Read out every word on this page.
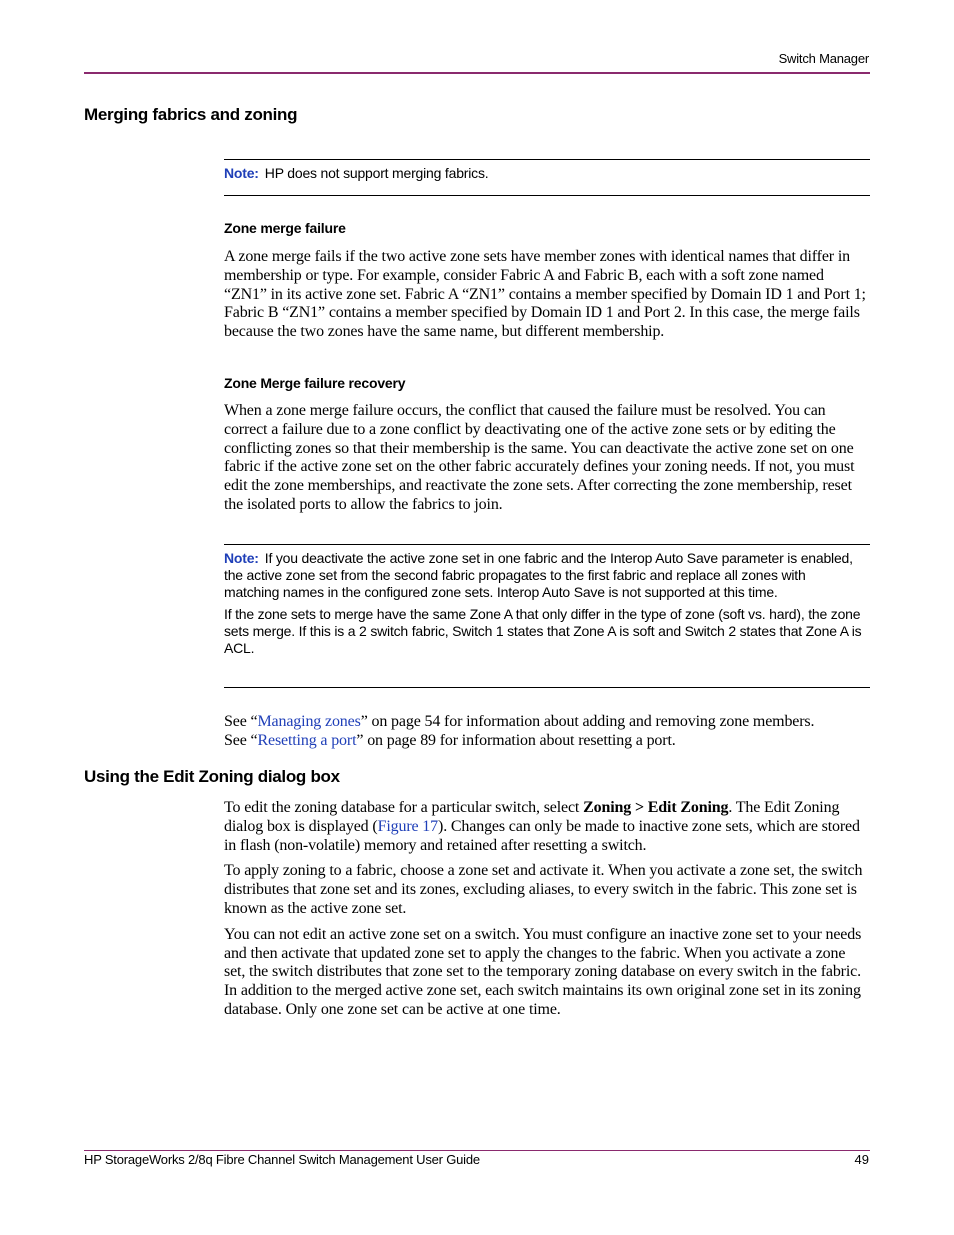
Switch Manager
Merging fabrics and zoning
Note: HP does not support merging fabrics.
Zone merge failure

A zone merge fails if the two active zone sets have member zones with identical names that differ in membership or type. For example, consider Fabric A and Fabric B, each with a soft zone named “ZN1” in its active zone set. Fabric A “ZN1” contains a member specified by Domain ID 1 and Port 1; Fabric B “ZN1” contains a member specified by Domain ID 1 and Port 2. In this case, the merge fails because the two zones have the same name, but different membership.

Zone Merge failure recovery

When a zone merge failure occurs, the conflict that caused the failure must be resolved. You can correct a failure due to a zone conflict by deactivating one of the active zone sets or by editing the conflicting zones so that their membership is the same. You can deactivate the active zone set on one fabric if the active zone set on the other fabric accurately defines your zoning needs. If not, you must edit the zone memberships, and reactivate the zone sets. After correcting the zone membership, reset the isolated ports to allow the fabrics to join.

Note: If you deactivate the active zone set in one fabric and the Interop Auto Save parameter is enabled, the active zone set from the second fabric propagates to the first fabric and replace all zones with matching names in the configured zone sets. Interop Auto Save is not supported at this time.
If the zone sets to merge have the same Zone A that only differ in the type of zone (soft vs. hard), the zone sets merge. If this is a 2 switch fabric, Switch 1 states that Zone A is soft and Switch 2 states that Zone A is ACL.

See “Managing zones” on page 54 for information about adding and removing zone members.

See “Resetting a port” on page 89 for information about resetting a port.

Using the Edit Zoning dialog box

To edit the zoning database for a particular switch, select Zoning > Edit Zoning. The Edit Zoning dialog box is displayed (Figure 17). Changes can only be made to inactive zone sets, which are stored in flash (non-volatile) memory and retained after resetting a switch.

To apply zoning to a fabric, choose a zone set and activate it. When you activate a zone set, the switch distributes that zone set and its zones, excluding aliases, to every switch in the fabric. This zone set is known as the active zone set.

You can not edit an active zone set on a switch. You must configure an inactive zone set to your needs and then activate that updated zone set to apply the changes to the fabric. When you activate a zone set, the switch distributes that zone set to the temporary zoning database on every switch in the fabric. In addition to the merged active zone set, each switch maintains its own original zone set in its zoning database. Only one zone set can be active at one time.

HP StorageWorks 2/8q Fibre Channel Switch Management User Guide	49
